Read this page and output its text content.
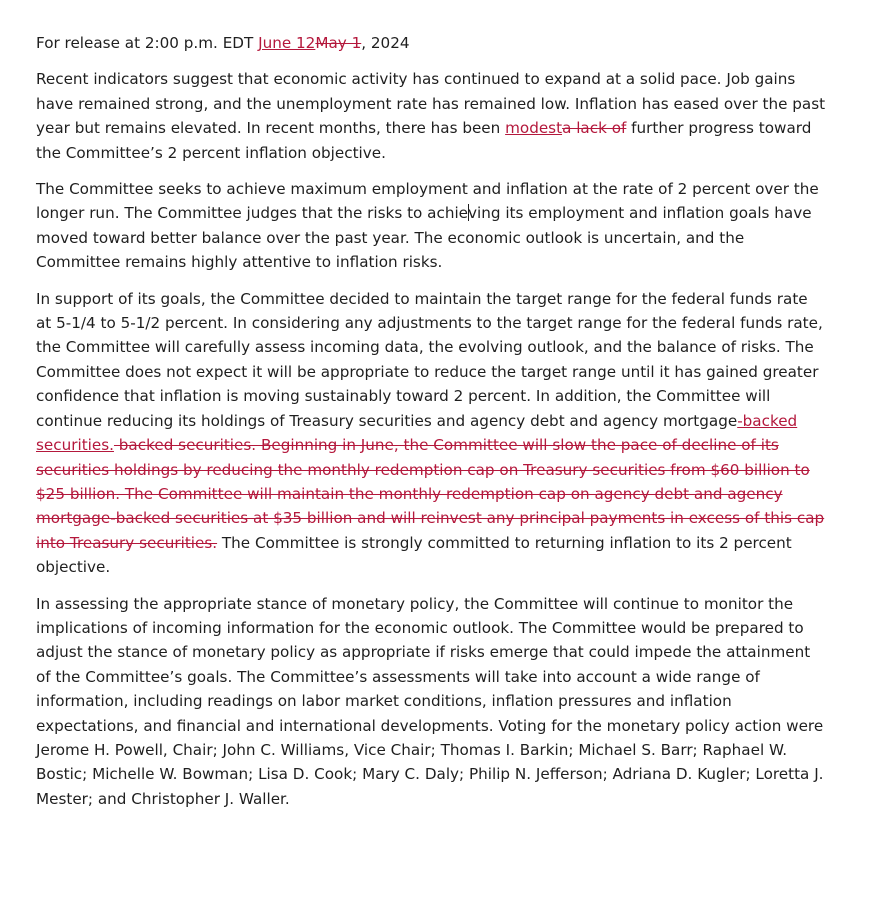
For release at 2:00 p.m. EDT June 12May 1, 2024

Recent indicators suggest that economic activity has continued to expand at a solid pace. Job gains have remained strong, and the unemployment rate has remained low. Inflation has eased over the past year but remains elevated. In recent months, there has been modesta lack of further progress toward the Committee’s 2 percent inflation objective.

The Committee seeks to achieve maximum employment and inflation at the rate of 2 percent over the longer run. The Committee judges that the risks to achieving its employment and inflation goals have moved toward better balance over the past year. The economic outlook is uncertain, and the Committee remains highly attentive to inflation risks.

In support of its goals, the Committee decided to maintain the target range for the federal funds rate at 5-1/4 to 5-1/2 percent. In considering any adjustments to the target range for the federal funds rate, the Committee will carefully assess incoming data, the evolving outlook, and the balance of risks. The Committee does not expect it will be appropriate to reduce the target range until it has gained greater confidence that inflation is moving sustainably toward 2 percent. In addition, the Committee will continue reducing its holdings of Treasury securities and agency debt and agency mortgage-backed securities. backed securities. Beginning in June, the Committee will slow the pace of decline of its securities holdings by reducing the monthly redemption cap on Treasury securities from $60 billion to $25 billion. The Committee will maintain the monthly redemption cap on agency debt and agency mortgage‑backed securities at $35 billion and will reinvest any principal payments in excess of this cap into Treasury securities. The Committee is strongly committed to returning inflation to its 2 percent objective.

In assessing the appropriate stance of monetary policy, the Committee will continue to monitor the implications of incoming information for the economic outlook. The Committee would be prepared to adjust the stance of monetary policy as appropriate if risks emerge that could impede the attainment of the Committee’s goals. The Committee’s assessments will take into account a wide range of information, including readings on labor market conditions, inflation pressures and inflation expectations, and financial and international developments. Voting for the monetary policy action were Jerome H. Powell, Chair; John C. Williams, Vice Chair; Thomas I. Barkin; Michael S. Barr; Raphael W. Bostic; Michelle W. Bowman; Lisa D. Cook; Mary C. Daly; Philip N. Jefferson; Adriana D. Kugler; Loretta J. Mester; and Christopher J. Waller.
